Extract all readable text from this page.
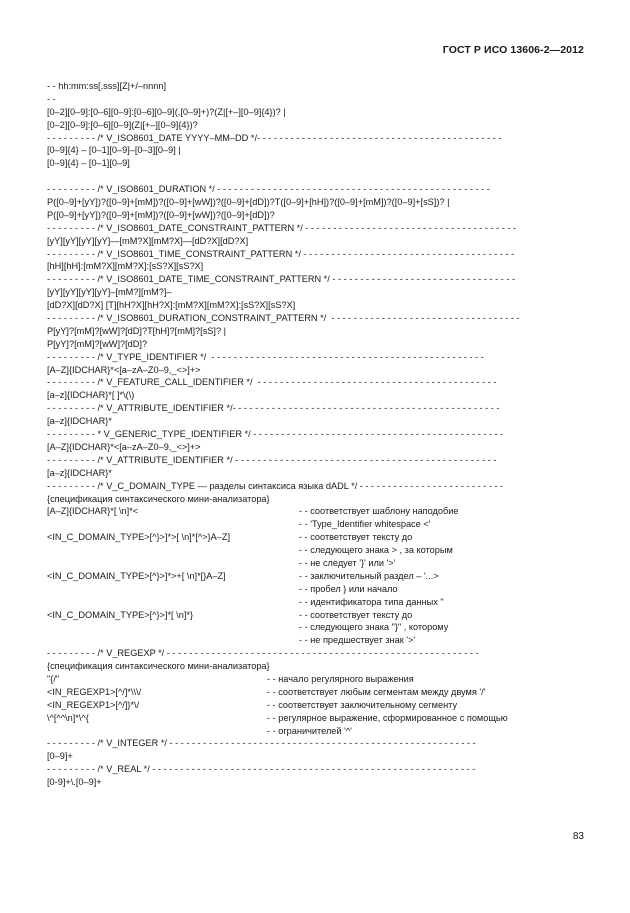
ГОСТ Р ИСО 13606-2—2012
- - hh:mm:ss[,sss][Z|+/–nnnn]
- -
[0–2][0–9]:[0–6][0–9]:[0–6][0–9](,[0–9]+)?(Z|[+–][0–9]{4})? |
[0–2][0–9]:[0–6][0–9](Z|[+–][0–9]{4})?
- - - - - - - - - /* V_ISO8601_DATE YYYY–MM–DD */- - - - - - - - - - - - - - - - - - - - - - - - - - - - - - - - - - - - - - - - - - - -
[0–9]{4} – [0–1][0–9]–[0–3][0–9] |
[0–9]{4} – [0–1][0–9]
- - - - - - - - - /* V_ISO8601_DURATION */ - - - - - - - - - - - - - - - - - - - - - - - - - - - - - - - - - - - - - - - - - - - - - - - - -
P([0–9]+[yY])?([0–9]+[mM])?([0–9]+[wW])?([0–9]+[dD])?T([0–9]+[hH])?([0–9]+[mM])?([0–9]+[sS])? |
P([0–9]+[yY])?([0–9]+[mM])?([0–9]+[wW])?([0–9]+[dD])?
- - - - - - - - - /* V_ISO8601_DATE_CONSTRAINT_PATTERN */ - - - - - - - - - - - - - - - - - - - - - - - - - - - - - - - - - - - - - -
[yY][yY][yY][yY]—[mM?X][mM?X]—[dD?X][dD?X]
- - - - - - - - - /* V_ISO8601_TIME_CONSTRAINT_PATTERN */ - - - - - - - - - - - - - - - - - - - - - - - - - - - - - - - - - - - - - -
[hH][hH]:[mM?X][mM?X]:[sS?X][sS?X]
- - - - - - - - - /* V_ISO8601_DATE_TIME_CONSTRAINT_PATTERN */ - - - - - - - - - - - - - - - - - - - - - - - - - - - - - - - - -
[yY][yY][yY][yY]–[mM?][mM?]–
[dD?X][dD?X] [T][hH?X][hH?X]:[mM?X][mM?X]:[sS?X][sS?X]
- - - - - - - - - /* V_ISO8601_DURATION_CONSTRAINT_PATTERN */  - - - - - - - - - - - - - - - - - - - - - - - - - - - - - - - - - -
P[yY]?[mM]?[wW]?[dD]?T[hH]?[mM]?[sS]? |
P[yY]?[mM]?[wW]?[dD]?
- - - - - - - - - /* V_TYPE_IDENTIFIER */  - - - - - - - - - - - - - - - - - - - - - - - - - - - - - - - - - - - - - - - - - - - - - - - - -
[A–Z]{IDCHAR}*<[a–zA–Z0–9,_<>]+>
- - - - - - - - - /* V_FEATURE_CALL_IDENTIFIER */  - - - - - - - - - - - - - - - - - - - - - - - - - - - - - - - - - - - - - - - - - - -
[a–z]{IDCHAR}*[ ]*\(\)
- - - - - - - - - /* V_ATTRIBUTE_IDENTIFIER */- - - - - - - - - - - - - - - - - - - - - - - - - - - - - - - - - - - - - - - - - - - - - - - -
[a–z]{IDCHAR}*
- - - - - - - - - * V_GENERIC_TYPE_IDENTIFIER */ - - - - - - - - - - - - - - - - - - - - - - - - - - - - - - - - - - - - - - - - - - - - -
[A–Z]{IDCHAR}*<[a–zA–Z0–9,_<>]+>
- - - - - - - - - /* V_ATTRIBUTE_IDENTIFIER */ - - - - - - - - - - - - - - - - - - - - - - - - - - - - - - - - - - - - - - - - - - - - - - -
[a–z]{IDCHAR}*
- - - - - - - - - /* V_C_DOMAIN_TYPE — разделы синтаксиса языка dADL */ - - - - - - - - - - - - - - - - - - - - - - - - - -
{спецификация синтаксического мини-анализатора}
[A–Z]{IDCHAR}*[ \n]*<	- - соответствует шаблону наподобие
- - 'Type_Identifier whitespace <'
<IN_C_DOMAIN_TYPE>[^}>]*>[ \n]*[^>}A–Z]	- - соответствует тексту до
- - следующего знака > , за которым
- - не следует '}' или '>'
<IN_C_DOMAIN_TYPE>[^}>]*>+[ \n]*[}A–Z]	- - заключительный раздел – '...>
- - пробел } или начало
- - идентификатора типа данных "
<IN_C_DOMAIN_TYPE>[^}>]*[ \n]*}	- - соответствует тексту до
- - следующего знака "}" , которому
- - не предшествует знак '>'
- - - - - - - - - /* V_REGEXP */ - - - - - - - - - - - - - - - - - - - - - - - - - - - - - - - - - - - - - - - - - - - - - - - - - - - - - - - -
{спецификация синтаксического мини-анализатора}
"{/"	- - начало регулярного выражения
<IN_REGEXP1>[^/]*\\\/	- - соответствует любым сегментам между двумя '/'
<IN_REGEXP1>[^/]}*\/	- - соответствует заключительному сегменту
\^[^^\n]*\^{	- - регулярное выражение, сформированное с помощью
- - ограничителей '^'
- - - - - - - - - /* V_INTEGER */ - - - - - - - - - - - - - - - - - - - - - - - - - - - - - - - - - - - - - - - - - - - - - - - - - - - - - - -
[0–9]+
- - - - - - - - - /* V_REAL */ - - - - - - - - - - - - - - - - - - - - - - - - - - - - - - - - - - - - - - - - - - - - - - - - - - - - - - - - - -
[0-9]+\.[0–9]+
83
